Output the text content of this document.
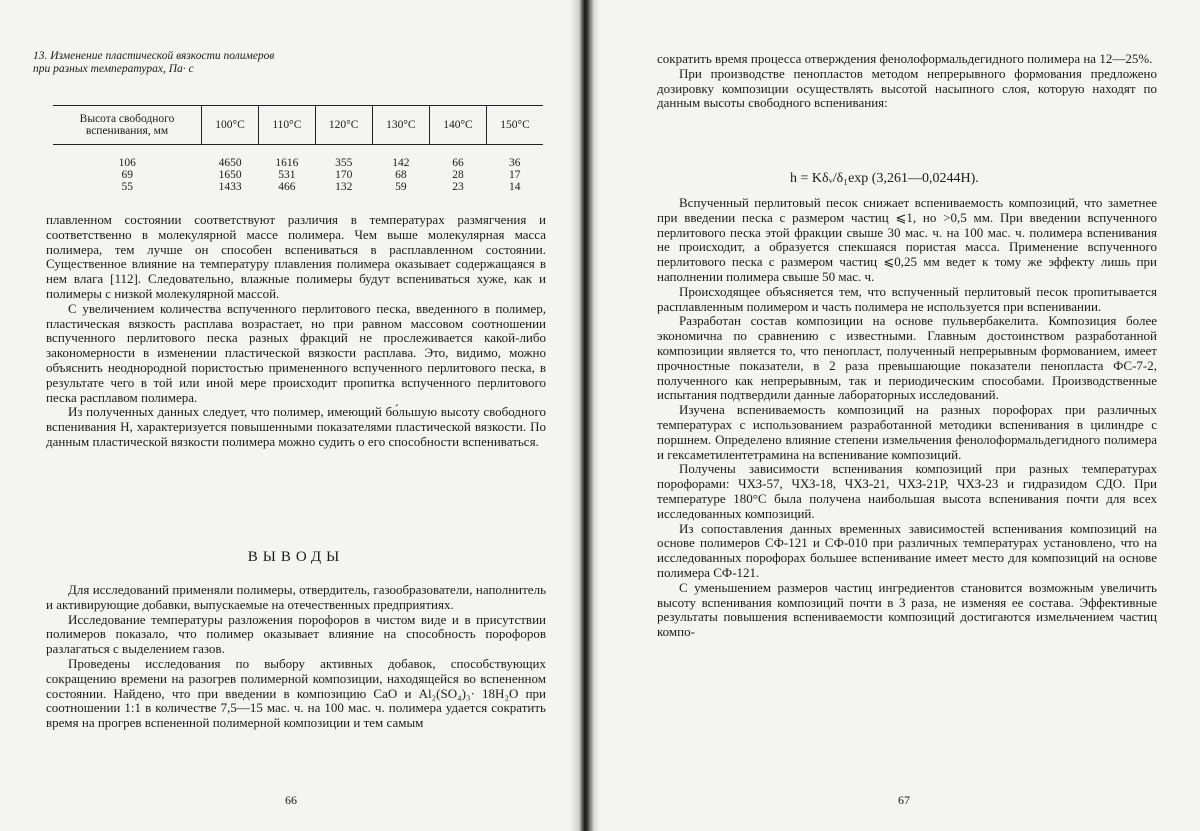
13. Изменение пластической вязкости полимеров
при разных температурах, Па· с
Высота свободного
вспенивания, мм	100°С	110°С	120°С	130°С	140°С	150°С
106	4650	1616	355	142	66	36
69	1650	531	170	68	28	17
55	1433	466	132	59	23	14

плавленном состоянии соответствуют различия в температурах размягчения и соответственно в молекулярной массе полимера. Чем выше молекулярная масса полимера, тем лучше он способен вспениваться в расплавленном состоянии. Существенное влияние на температуру плавления полимера оказывает содержащаяся в нем влага [112]. Следовательно, влажные полимеры будут вспениваться хуже, как и полимеры с низкой молекулярной массой.

С увеличением количества вспученного перлитового песка, введенного в полимер, пластическая вязкость расплава возрастает, но при равном массовом соотношении вспученного перлитового песка разных фракций не прослеживается какой-либо закономерности в изменении пластической вязкости расплава. Это, видимо, можно объяснить неоднородной пористостью примененного вспученного перлитового песка, в результате чего в той или иной мере происходит пропитка вспученного перлитового песка расплавом полимера.

Из полученных данных следует, что полимер, имеющий бо́льшую высоту свободного вспенивания Н, характеризуется повышенными показателями пластической вязкости. По данным пластической вязкости полимера можно судить о его способности вспениваться.

ВЫВОДЫ

Для исследований применяли полимеры, отвердитель, газообразователи, наполнитель и активирующие добавки, выпускаемые на отечественных предприятиях.

Исследование температуры разложения порофоров в чистом виде и в присутствии полимеров показало, что полимер оказывает влияние на способность порофоров разлагаться с выделением газов.

Проведены исследования по выбору активных добавок, способствующих сокращению времени на разогрев полимерной композиции, находящейся во вспененном состоянии. Найдено, что при введении в композицию CaO и Al₂(SO₄)₃· 18H₂O при соотношении 1:1 в количестве 7,5—15 мас. ч. на 100 мас. ч. полимера удается сократить время на прогрев вспененной полимерной композиции и тем самым

66

сократить время процесса отверждения фенолоформальдегидного полимера на 12—25%.

При производстве пенопластов методом непрерывного формования предложено дозировку композиции осуществлять высотой насыпного слоя, которую находят по данным высоты свободного вспенивания:

h = Kδᵥ/δ₁exp (3,261—0,0244H).

Вспученный перлитовый песок снижает вспениваемость композиций, что заметнее при введении песка с размером частиц ⩽1, но >0,5 мм. При введении вспученного перлитового песка этой фракции свыше 30 мас. ч. на 100 мас. ч. полимера вспенивания не происходит, а образуется спекшаяся пористая масса. Применение вспученного перлитового песка с размером частиц ⩽0,25 мм ведет к тому же эффекту лишь при наполнении полимера свыше 50 мас. ч.

Происходящее объясняется тем, что вспученный перлитовый песок пропитывается расплавленным полимером и часть полимера не используется при вспенивании.

Разработан состав композиции на основе пульвербакелита. Композиция более экономична по сравнению с известными. Главным достоинством разработанной композиции является то, что пенопласт, полученный непрерывным формованием, имеет прочностные показатели, в 2 раза превышающие показатели пенопласта ФС-7-2, полученного как непрерывным, так и периодическим способами. Производственные испытания подтвердили данные лабораторных исследований.

Изучена вспениваемость композиций на разных порофорах при различных температурах с использованием разработанной методики вспенивания в цилиндре с поршнем. Определено влияние степени измельчения фенолоформальдегидного полимера и гексаметилентетрамина на вспенивание композиций.

Получены зависимости вспенивания композиций при разных температурах порофорами: ЧХЗ-57, ЧХЗ-18, ЧХЗ-21, ЧХЗ-21Р, ЧХЗ-23 и гидразидом СДО. При температуре 180°С была получена наибольшая высота вспенивания почти для всех исследованных композиций.

Из сопоставления данных временных зависимостей вспенивания композиций на основе полимеров СФ-121 и СФ-010 при различных температурах установлено, что на исследованных порофорах большее вспенивание имеет место для композиций на основе полимера СФ-121.

С уменьшением размеров частиц ингредиентов становится возможным увеличить высоту вспенивания композиций почти в 3 раза, не изменяя ее состава. Эффективные результаты повышения вспениваемости композиций достигаются измельчением частиц компо-

67
